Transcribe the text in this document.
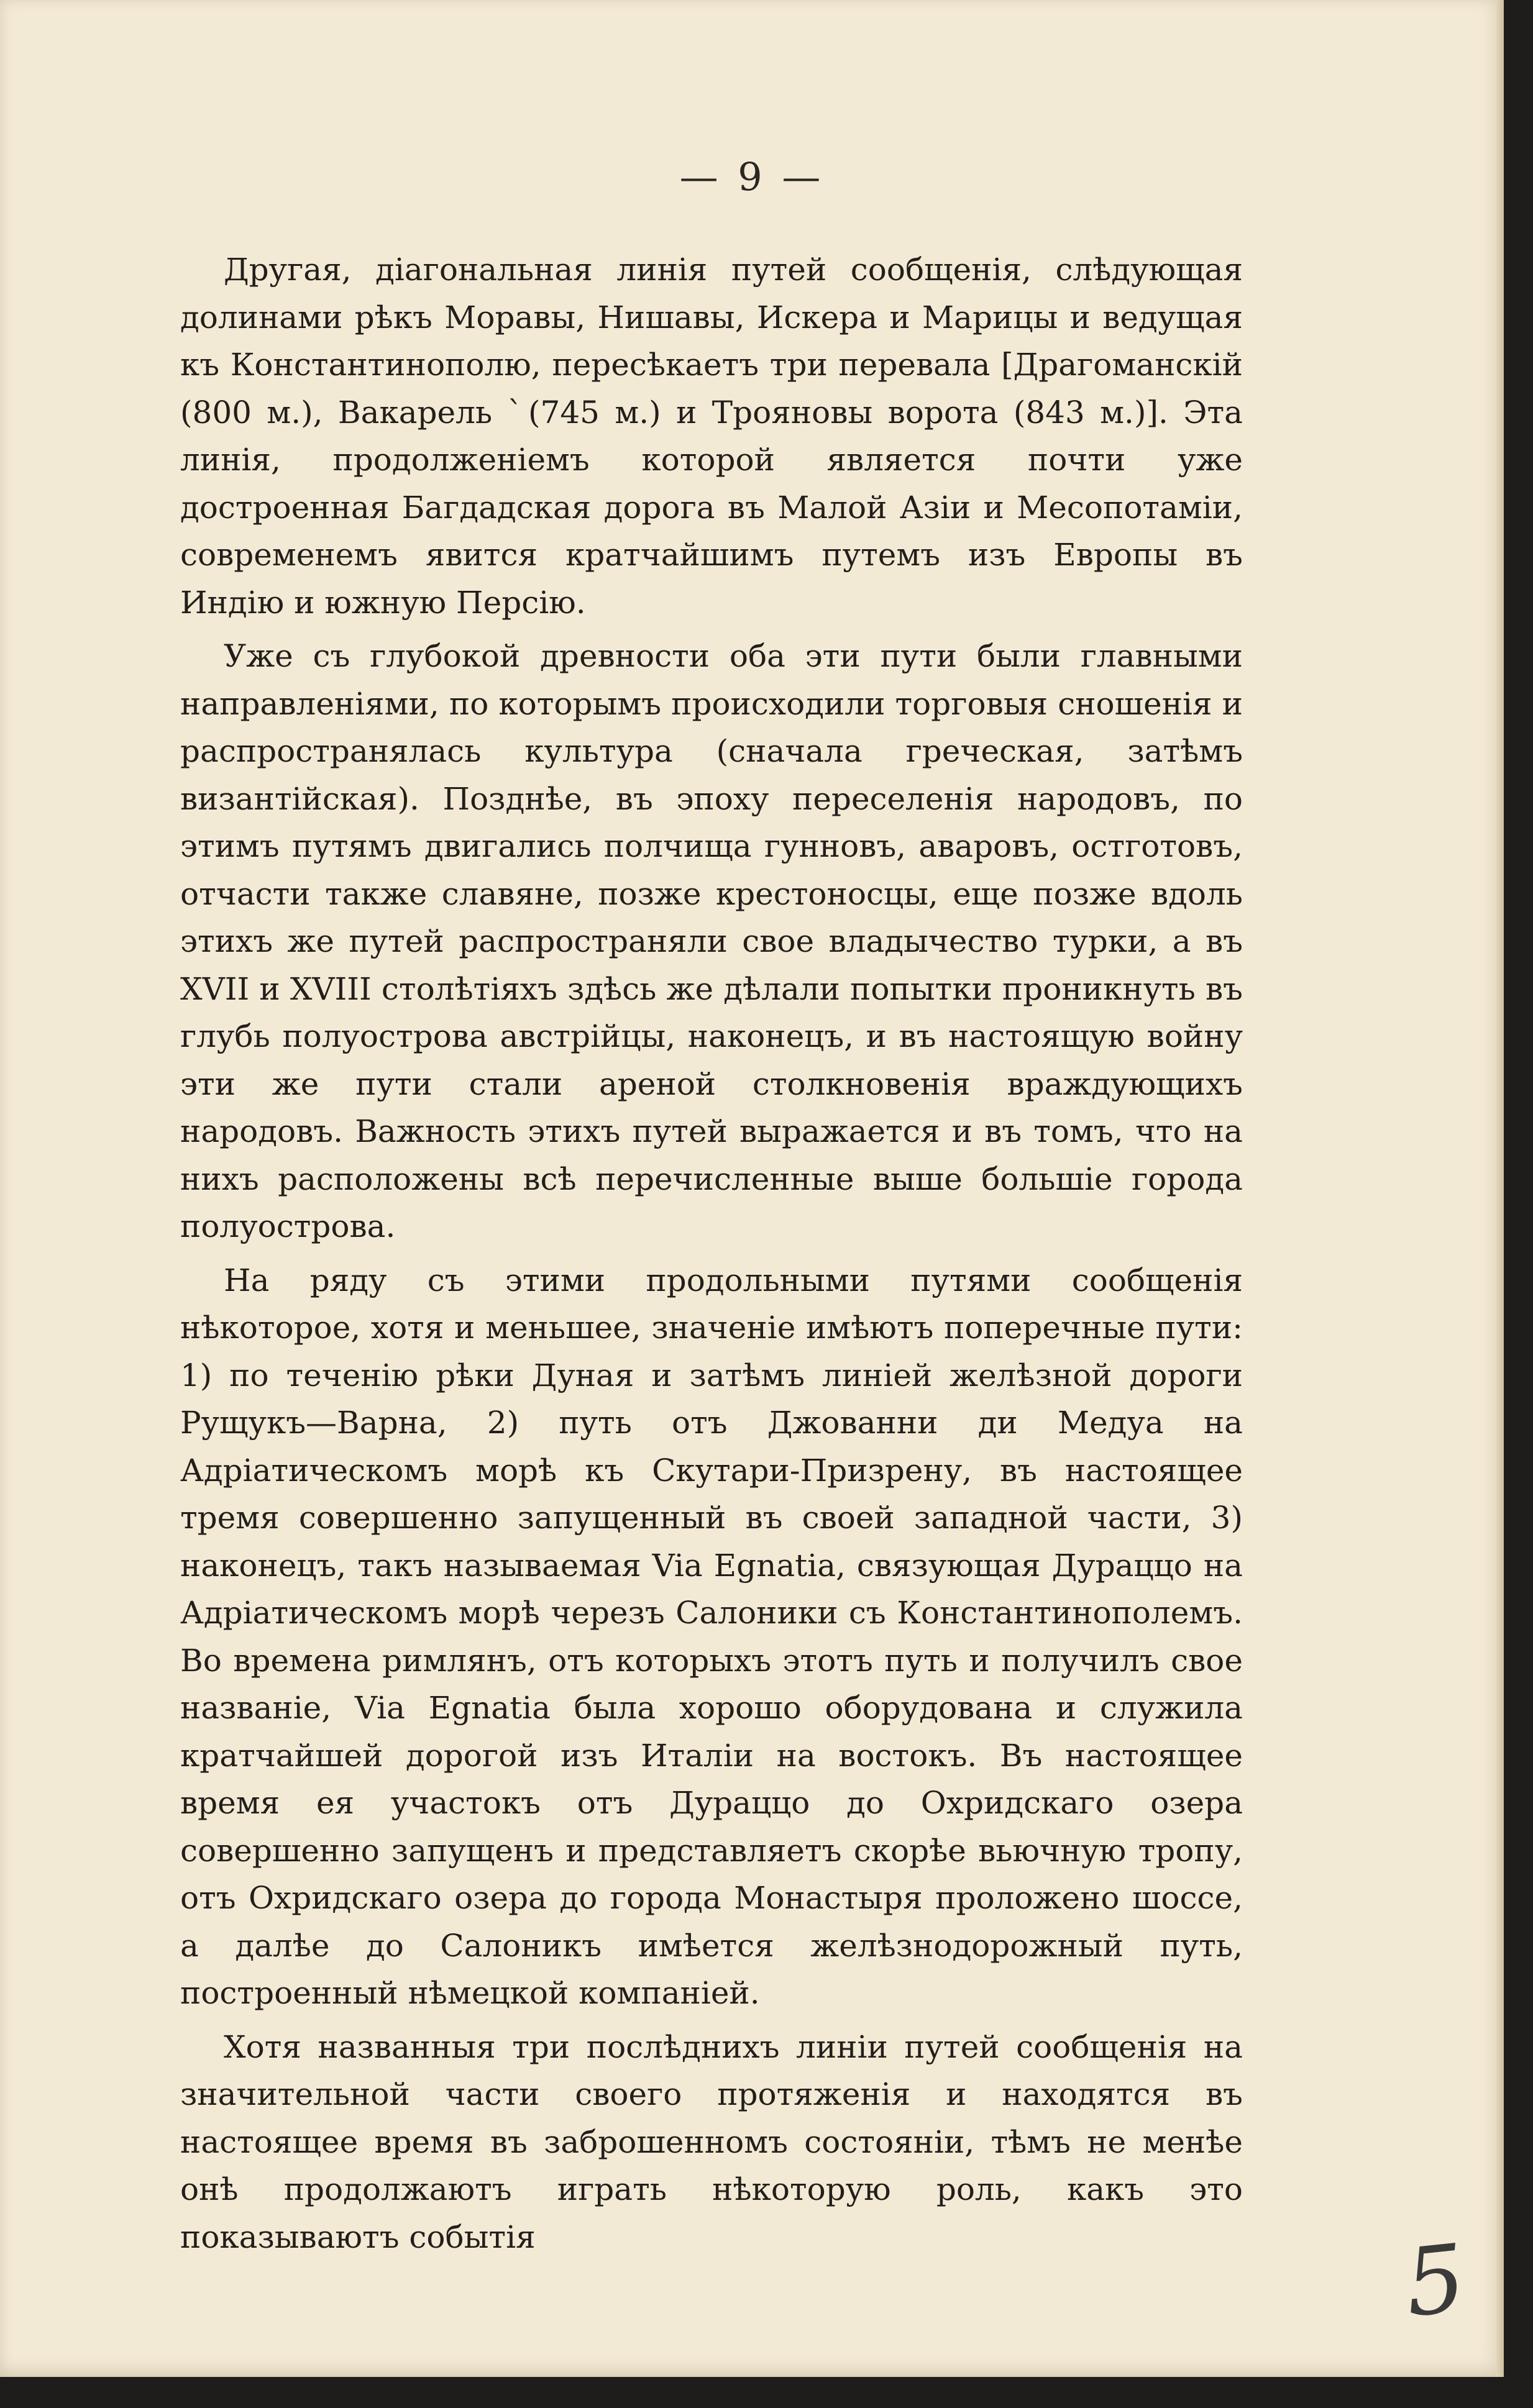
— 9 —

Другая, діагональная линія путей сообщенія, слѣдующая долинами рѣкъ Моравы, Нишавы, Искера и Марицы и ведущая къ Константинополю, пересѣкаетъ три перевала [Драгоманскій (800 м.), Вакарель ˋ(745 м.) и Трояновы ворота (843 м.)]. Эта линія, продолженіемъ которой является почти уже достроенная Багдадская дорога въ Малой Азіи и Месопотаміи, современемъ явится кратчайшимъ путемъ изъ Европы въ Индію и южную Персію.

Уже съ глубокой древности оба эти пути были главными направленіями, по которымъ происходили торговыя сношенія и распространялась культура (сначала греческая, затѣмъ византійская). Позднѣе, въ эпоху переселенія народовъ, по этимъ путямъ двигались полчища гунновъ, аваровъ, остготовъ, отчасти также славяне, позже крестоносцы, еще позже вдоль этихъ же путей распространяли свое владычество турки, а въ XVII и XVIII столѣтіяхъ здѣсь же дѣлали попытки проникнуть въ глубь полуострова австрійцы, наконецъ, и въ настоящую войну эти же пути стали ареной столкновенія враждующихъ народовъ. Важность этихъ путей выражается и въ томъ, что на нихъ расположены всѣ перечисленные выше большіе города полуострова.

На ряду съ этими продольными путями сообщенія нѣкоторое, хотя и меньшее, значеніе имѣютъ поперечные пути: 1) по теченію рѣки Дуная и затѣмъ линіей желѣзной дороги Рущукъ—Варна, 2) путь отъ Джованни ди Медуа на Адріатическомъ морѣ къ Скутари-Призрену, въ настоящее тремя совершенно запущенный въ своей западной части, 3) наконецъ, такъ называемая Via Egnatia, связующая Дураццо на Адріатическомъ морѣ черезъ Салоники съ Константинополемъ. Во времена римлянъ, отъ которыхъ этотъ путь и получилъ свое названіе, Via Egnatia была хорошо оборудована и служила кратчайшей дорогой изъ Италіи на востокъ. Въ настоящее время ея участокъ отъ Дураццо до Охридскаго озера совершенно запущенъ и представляетъ скорѣе вьючную тропу, отъ Охридскаго озера до города Монастыря проложено шоссе, а далѣе до Салоникъ имѣется желѣзнодорожный путь, построенный нѣмецкой компаніей.

Хотя названныя три послѣднихъ линіи путей сообщенія на значительной части своего протяженія и находятся въ настоящее время въ заброшенномъ состояніи, тѣмъ не менѣе онѣ продолжаютъ играть нѣкоторую роль, какъ это показываютъ событія	5
